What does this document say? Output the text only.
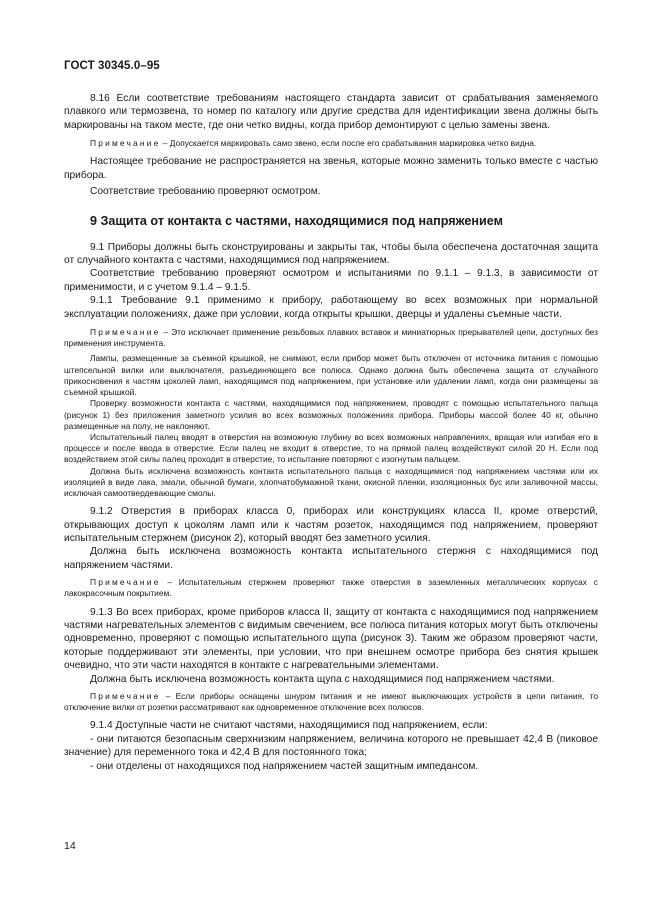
ГОСТ 30345.0–95

8.16 Если соответствие требованиям настоящего стандарта зависит от срабатывания заменяемого плавкого или термозвена, то номер по каталогу или другие средства для идентификации звена должны быть маркированы на таком месте, где они четко видны, когда прибор демонтируют с целью замены звена.

Примечание – Допускается маркировать само звено, если после его срабатывания маркировка четко видна.

Настоящее требование не распространяется на звенья, которые можно заменить только вместе с частью прибора.

Соответствие требованию проверяют осмотром.

9 Защита от контакта с частями, находящимися под напряжением

9.1 Приборы должны быть сконструированы и закрыты так, чтобы была обеспечена достаточная защита от случайного контакта с частями, находящимися под напряжением.

Соответствие требованию проверяют осмотром и испытаниями по 9.1.1 – 9.1.3, в зависимости от применимости, и с учетом 9.1.4 – 9.1.5.

9.1.1 Требование 9.1 применимо к прибору, работающему во всех возможных при нормальной эксплуатации положениях, даже при условии, когда открыты крышки, дверцы и удалены съемные части.

Примечание – Это исключает применение резьбовых плавких вставок и миниатюрных прерывателей цепи, доступных без применения инструмента.

Лампы, размещенные за съемной крышкой, не снимают, если прибор может быть отключен от источника питания с помощью штепсельной вилки или выключателя, разъединяющего все полюса. Однако должна быть обеспечена защита от случайного прикосновения к частям цоколей ламп, находящимся под напряжением, при установке или удалении ламп, когда они размещены за съемной крышкой.

Проверку возможности контакта с частями, находящимися под напряжением, проводят с помощью испытательного пальца (рисунок 1) без приложения заметного усилия во всех возможных положениях прибора. Приборы массой более 40 кг, обычно размещенные на полу, не наклоняют.

Испытательный палец вводят в отверстия на возможную глубину во всех возможных направлениях, вращая или изгибая его в процессе и после ввода в отверстие. Если палец не входит в отверстие, то на прямой палец воздействуют силой 20 Н. Если под воздействием этой силы палец проходит в отверстие, то испытание повторяют с изогнутым пальцем.

Должна быть исключена возможность контакта испытательного пальца с находящимися под напряжением частями или их изоляцией в виде лака, эмали, обычной бумаги, хлопчатобумажной ткани, окисной пленки, изоляционных бус или заливочной массы, исключая самоотвердевающие смолы.

9.1.2 Отверстия в приборах класса 0, приборах или конструкциях класса II, кроме отверстий, открывающих доступ к цоколям ламп или к частям розеток, находящимся под напряжением, проверяют испытательным стержнем (рисунок 2), который вводят без заметного усилия.

Должна быть исключена возможность контакта испытательного стержня с находящимися под напряжением частями.

Примечание – Испытательным стержнем проверяют также отверстия в заземленных металлических корпусах с лакокрасочным покрытием.

9.1.3 Во всех приборах, кроме приборов класса II, защиту от контакта с находящимися под напряжением частями нагревательных элементов с видимым свечением, все полюса питания которых могут быть отключены одновременно, проверяют с помощью испытательного щупа (рисунок 3). Таким же образом проверяют части, которые поддерживают эти элементы, при условии, что при внешнем осмотре прибора без снятия крышек очевидно, что эти части находятся в контакте с нагревательными элементами.

Должна быть исключена возможность контакта щупа с находящимися под напряжением частями.

Примечание – Если приборы оснащены шнуром питания и не имеют выключающих устройств в цепи питания, то отключение вилки от розетки рассматривают как одновременное отключение всех полюсов.

9.1.4 Доступные части не считают частями, находящимися под напряжением, если:

- они питаются безопасным сверхнизким напряжением, величина которого не превышает 42,4 В (пиковое значение) для переменного тока и 42,4 В для постоянного тока;

- они отделены от находящихся под напряжением частей защитным импедансом.

14
